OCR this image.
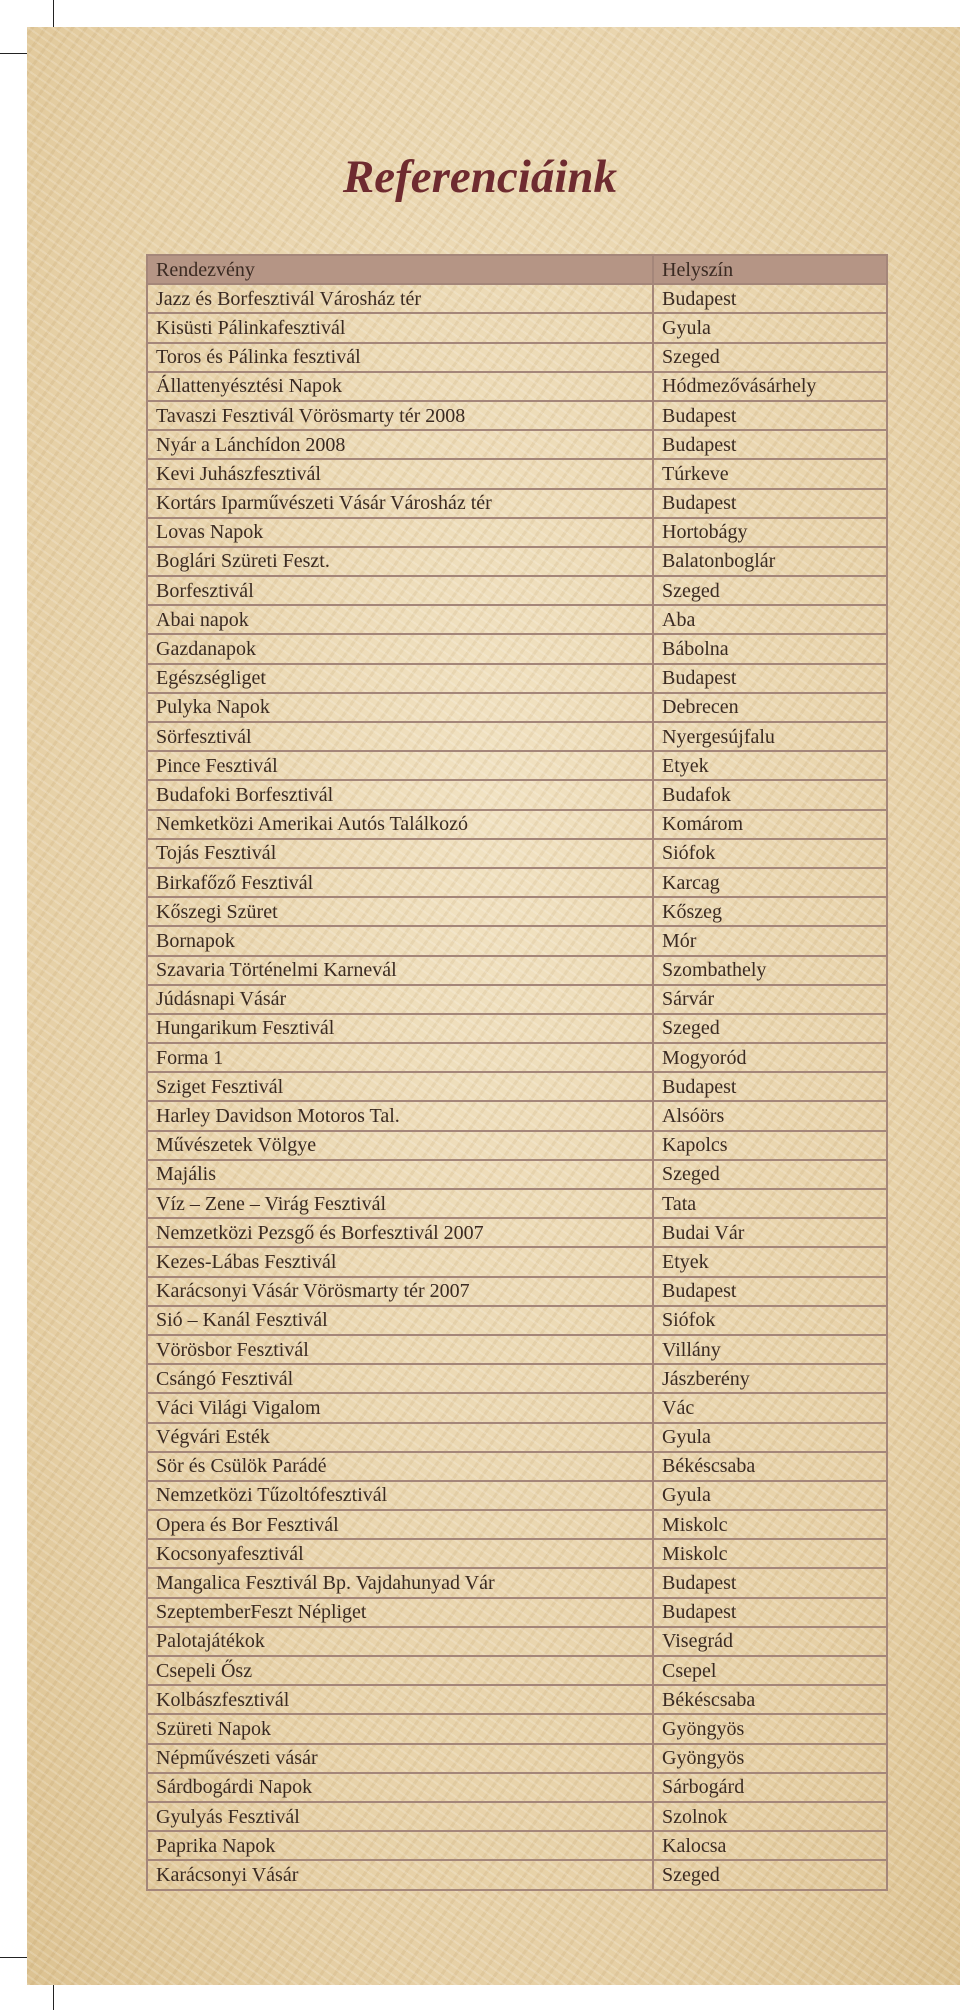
Referenciáink
Rendezvény	Helyszín
Jazz és Borfesztivál Városház tér	Budapest
Kisüsti Pálinkafesztivál	Gyula
Toros és Pálinka fesztivál	Szeged
Állattenyésztési Napok	Hódmezővásárhely
Tavaszi Fesztivál Vörösmarty tér 2008	Budapest
Nyár a Lánchídon 2008	Budapest
Kevi Juhászfesztivál	Túrkeve
Kortárs Iparművészeti Vásár Városház tér	Budapest
Lovas Napok	Hortobágy
Boglári Szüreti Feszt.	Balatonboglár
Borfesztivál	Szeged
Abai napok	Aba
Gazdanapok	Bábolna
Egészségliget	Budapest
Pulyka Napok	Debrecen
Sörfesztivál	Nyergesújfalu
Pince Fesztivál	Etyek
Budafoki Borfesztivál	Budafok
Nemketközi Amerikai Autós Találkozó	Komárom
Tojás Fesztivál	Siófok
Birkafőző Fesztivál	Karcag
Kőszegi Szüret	Kőszeg
Bornapok	Mór
Szavaria Történelmi Karnevál	Szombathely
Júdásnapi Vásár	Sárvár
Hungarikum Fesztivál	Szeged
Forma 1	Mogyoród
Sziget Fesztivál	Budapest
Harley Davidson Motoros Tal.	Alsóörs
Művészetek Völgye	Kapolcs
Majális	Szeged
Víz – Zene – Virág Fesztivál	Tata
Nemzetközi Pezsgő és Borfesztivál 2007	Budai Vár
Kezes-Lábas Fesztivál	Etyek
Karácsonyi Vásár Vörösmarty tér 2007	Budapest
Sió – Kanál Fesztivál	Siófok
Vörösbor Fesztivál	Villány
Csángó Fesztivál	Jászberény
Váci Világi Vigalom	Vác
Végvári Esték	Gyula
Sör és Csülök Parádé	Békéscsaba
Nemzetközi Tűzoltófesztivál	Gyula
Opera és Bor Fesztivál	Miskolc
Kocsonyafesztivál	Miskolc
Mangalica Fesztivál Bp. Vajdahunyad Vár	Budapest
SzeptemberFeszt Népliget	Budapest
Palotajátékok	Visegrád
Csepeli Ősz	Csepel
Kolbászfesztivál	Békéscsaba
Szüreti Napok	Gyöngyös
Népművészeti vásár	Gyöngyös
Sárdbogárdi Napok	Sárbogárd
Gyulyás Fesztivál	Szolnok
Paprika Napok	Kalocsa
Karácsonyi Vásár	Szeged
